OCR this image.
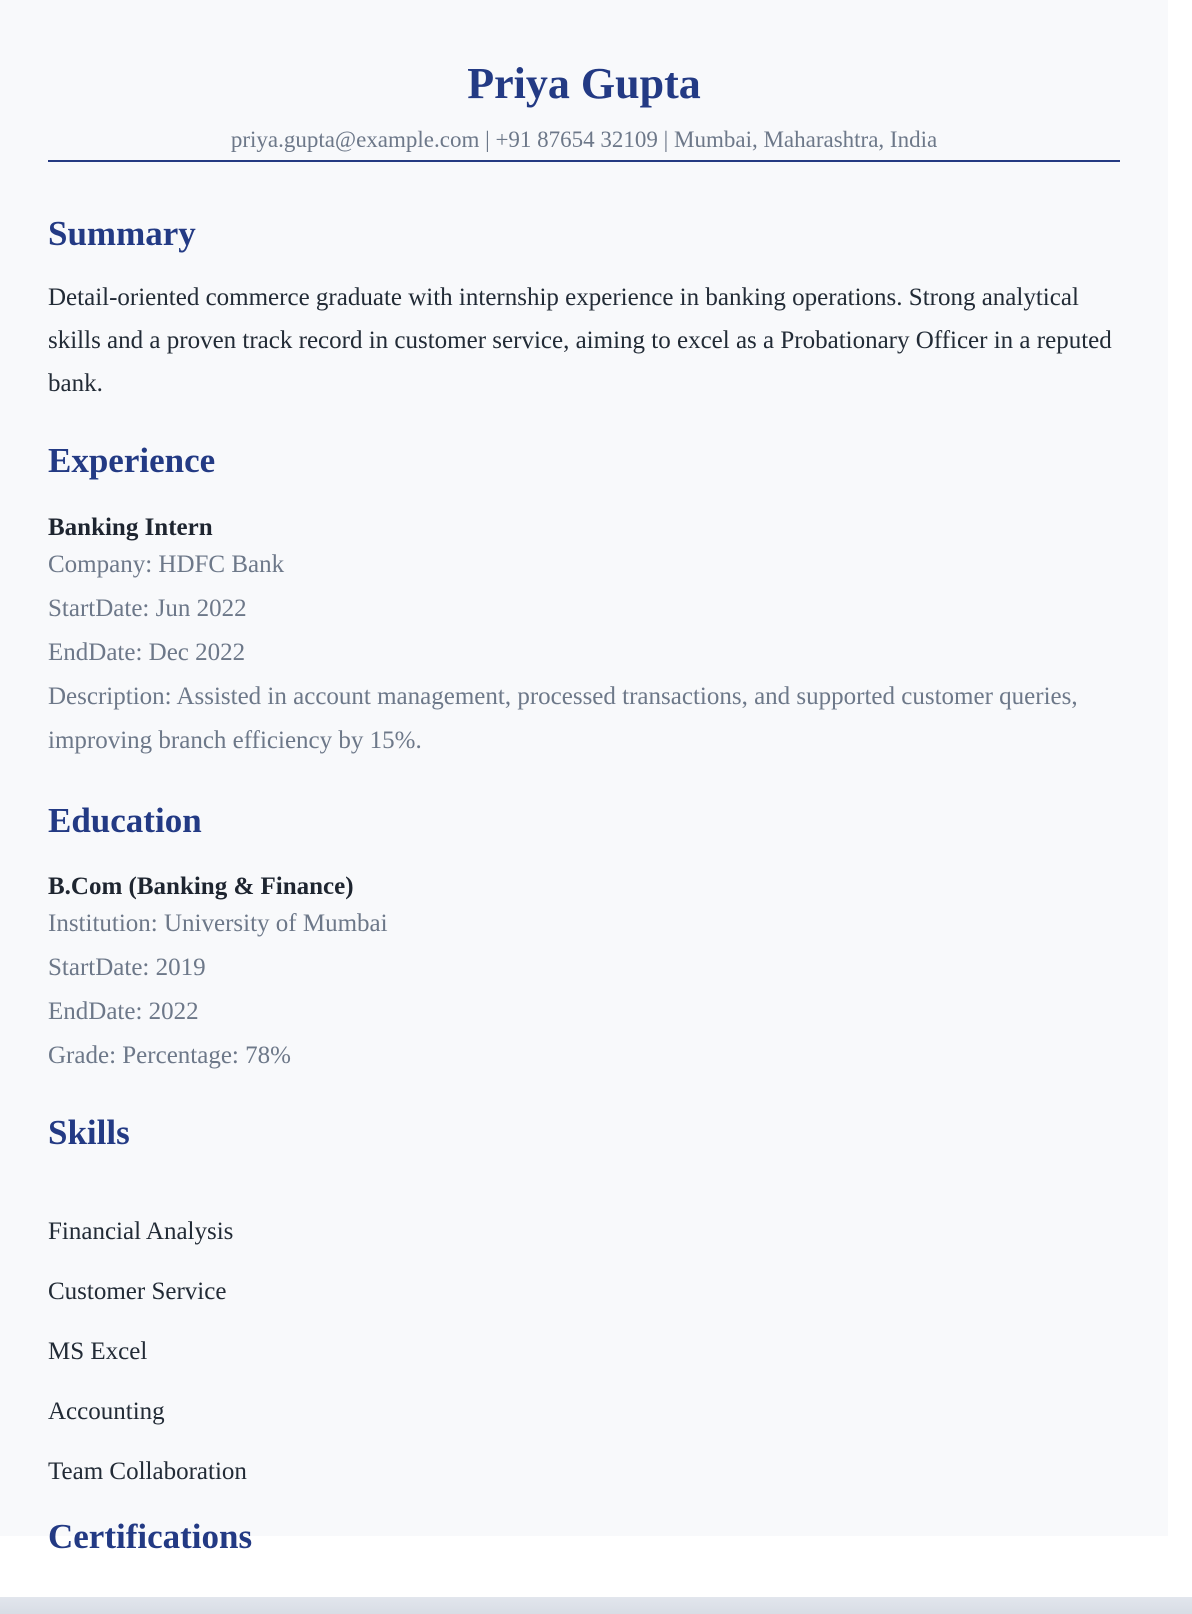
Priya Gupta
priya.gupta@example.com | +91 87654 32109 | Mumbai, Maharashtra, India
Summary

Detail-oriented commerce graduate with internship experience in banking operations. Strong analytical skills and a proven track record in customer service, aiming to excel as a Probationary Officer in a reputed bank.

Experience

Banking Intern

Company: HDFC Bank

StartDate: Jun 2022

EndDate: Dec 2022

Description: Assisted in account management, processed transactions, and supported customer queries, improving branch efficiency by 15%.

Education

B.Com (Banking & Finance)

Institution: University of Mumbai

StartDate: 2019

EndDate: 2022

Grade: Percentage: 78%

Skills

Financial Analysis

Customer Service

MS Excel

Accounting

Team Collaboration

Certifications
